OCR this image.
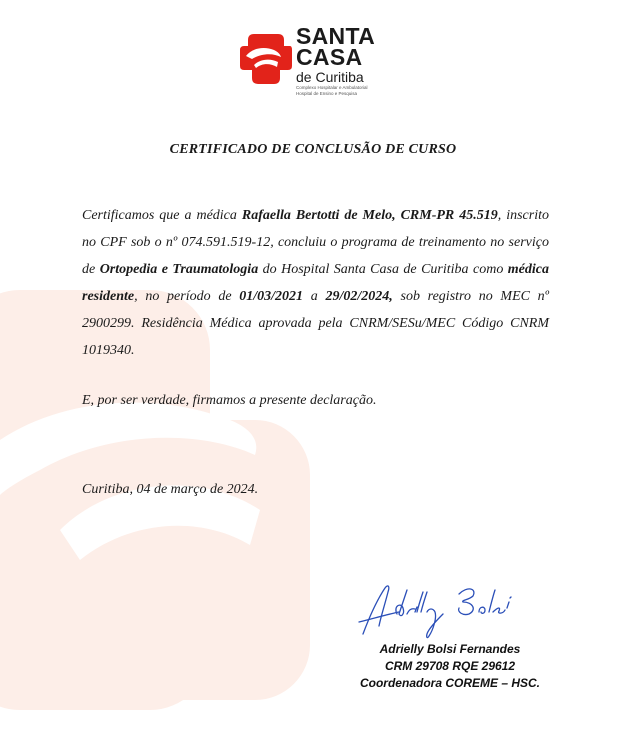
SANTA
CASA
de Curitiba
Complexo Hospitalar e Ambulatorial
Hospital de Ensino e Pesquisa
CERTIFICADO DE CONCLUSÃO DE CURSO

Certificamos que a médica Rafaella Bertotti de Melo, CRM-PR 45.519, inscrito no CPF sob o nº 074.591.519-12, concluiu o programa de treinamento no serviço de Ortopedia e Traumatologia do Hospital Santa Casa de Curitiba como médica residente, no período de 01/03/2021 a 29/02/2024, sob registro no MEC nº 2900299. Residência Médica aprovada pela CNRM/SESu/MEC Código CNRM 1019340.

E, por ser verdade, firmamos a presente declaração.
Curitiba, 04 de março de 2024.
Adrielly Bolsi Fernandes
CRM 29708 RQE 29612
Coordenadora COREME – HSC.
